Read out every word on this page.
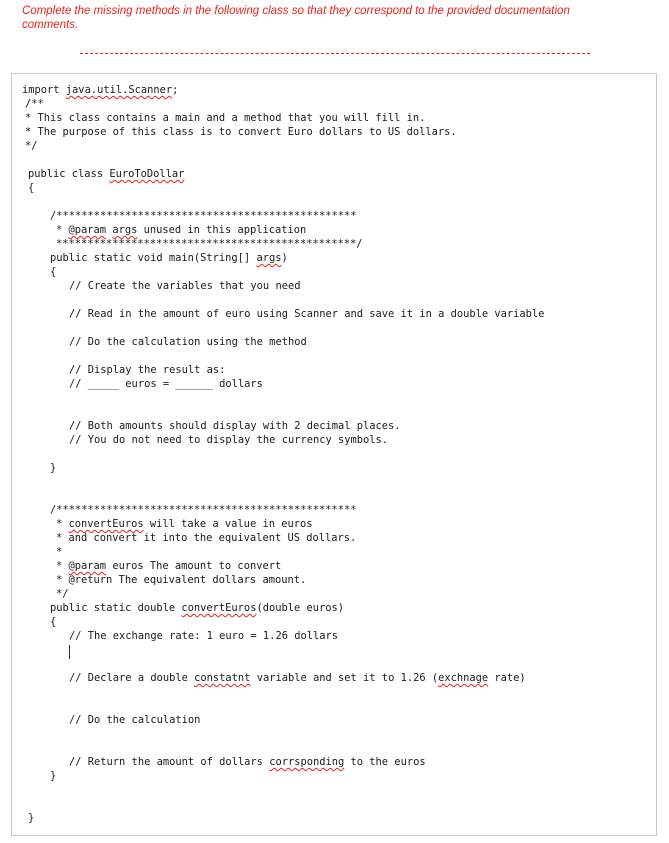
Complete the missing methods in the following class so that they correspond to the provided documentation comments.
import java.util.Scanner;
/**
* This class contains a main and a method that you will fill in.
* The purpose of this class is to convert Euro dollars to US dollars.
*/
public class EuroToDollar
{
/************************************************
* @param args unused in this application
************************************************/
public static void main(String[] args)
{
// Create the variables that you need
// Read in the amount of euro using Scanner and save it in a double variable
// Do the calculation using the method
// Display the result as:
// _____ euros = ______ dollars
// Both amounts should display with 2 decimal places.
// You do not need to display the currency symbols.
}
/************************************************
* convertEuros will take a value in euros
* and convert it into the equivalent US dollars.
*
* @param euros The amount to convert
* @return The equivalent dollars amount.
*/
public static double convertEuros(double euros)
{
// The exchange rate: 1 euro = 1.26 dollars
// Declare a double constatnt variable and set it to 1.26 (exchnage rate)
// Do the calculation
// Return the amount of dollars corrsponding to the euros
}
}
